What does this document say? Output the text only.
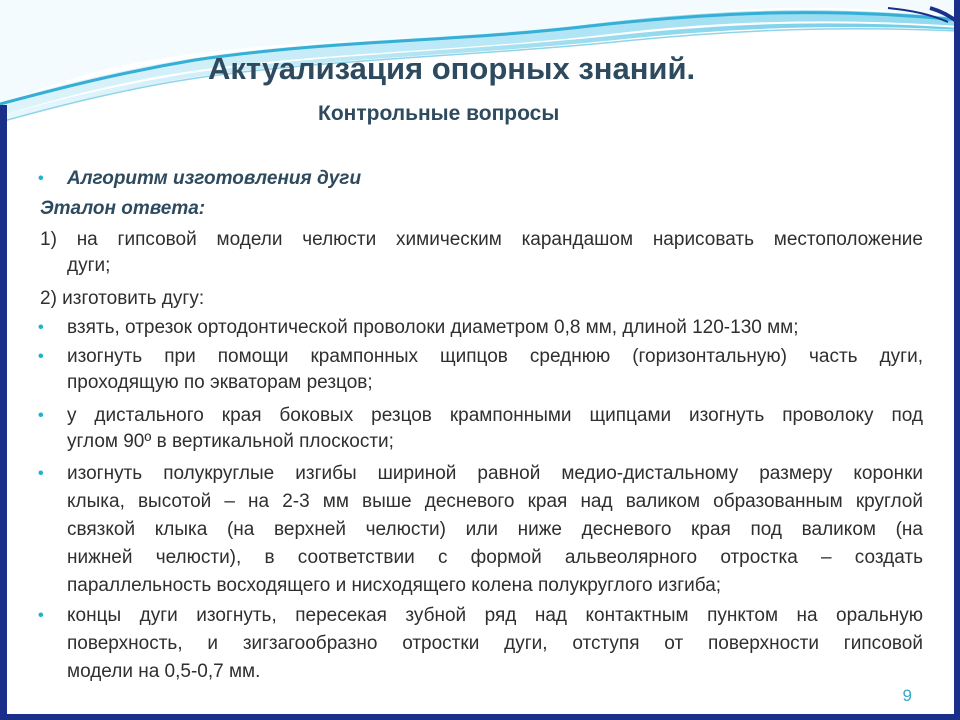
Актуализация опорных знаний.
Контрольные вопросы
• Алгоритм изготовления дуги
Эталон ответа:
1) на гипсовой модели челюсти химическим карандашом нарисовать местоположение
дуги;
2) изготовить дугу:
• взять, отрезок ортодонтической проволоки диаметром 0,8 мм, длиной 120-130 мм;
• изогнуть при помощи крампонных щипцов среднюю (горизонтальную) часть дуги,
проходящую по экваторам резцов;
• у дистального края боковых резцов крампонными щипцами изогнуть проволоку под
углом 90º в вертикальной плоскости;
• изогнуть полукруглые изгибы шириной равной медио-дистальному размеру коронки
клыка, высотой – на 2-3 мм выше десневого края над валиком образованным круглой
связкой клыка (на верхней челюсти) или ниже десневого края под валиком (на
нижней челюсти), в соответствии с формой альвеолярного отростка – создать
параллельность восходящего и нисходящего колена полукруглого изгиба;
• концы дуги изогнуть, пересекая зубной ряд над контактным пунктом на оральную
поверхность, и зигзагообразно отростки дуги, отступя от поверхности гипсовой
модели на 0,5-0,7 мм.
9
